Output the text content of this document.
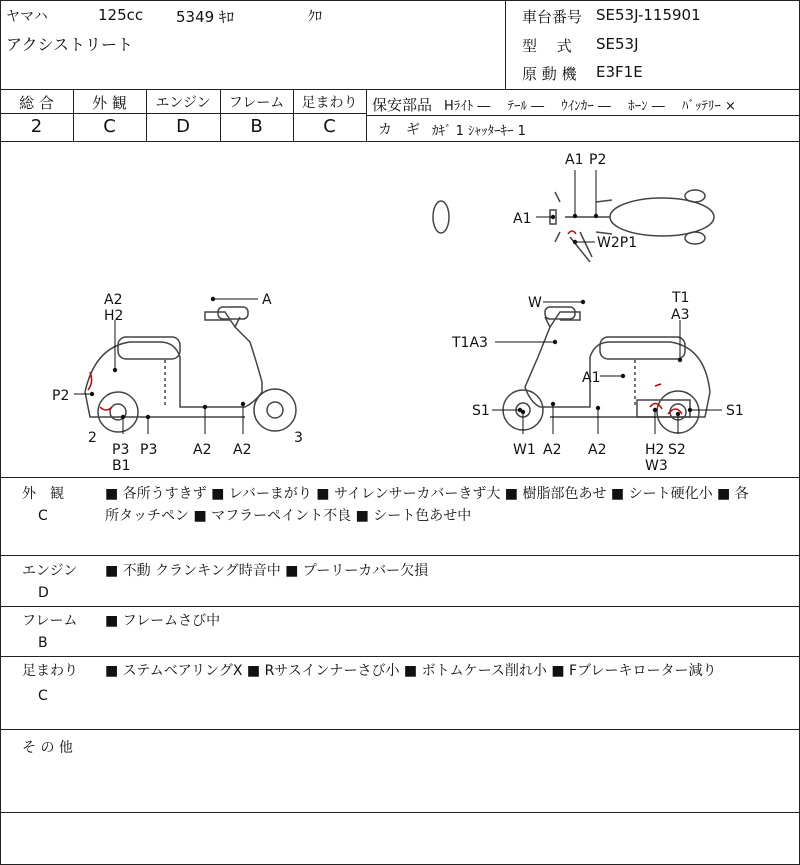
ヤマハ	125cc 5349 ｷﾛ	ｸﾛ
アクシストリート
車台番号 SE53J-115901
型　 式 SE53J
原 動 機 E3F1E
総 合	外 観	エンジン	フレーム	足まわり
2	C	D	B	C
保安部品 Hﾗｲﾄ ―　 ﾃｰﾙ ―　 ｳｲﾝｶｰ ―　 ﾎｰﾝ ―　 ﾊﾞｯﾃﾘｰ ×
カ　ギ ｶｷﾞ 1 ｼｬｯﾀｰｷｰ 1
A1 P2
A1
W2P1
A2
H2
A
P2
2
P3
B1
P3	A2 A2
3
W	T1
A3
T1A3
A1
S1	S1
W1 A2 A2	H2 S2
W3
外　観
C
■ 各所うすきず ■ レバーまがり ■ サイレンサーカバーきず大 ■ 樹脂部色あせ ■ シート硬化小 ■ 各
所タッチペン ■ マフラーペイント不良 ■ シート色あせ中
エンジン
D
■ 不動 クランキング時音中 ■ プーリーカバー欠損
フレーム
B
■ フレームさび中
足まわり
C
■ ステムベアリングX ■ Rサスインナーさび小 ■ ボトムケース削れ小 ■ Fブレーキローター減り
そ の 他
